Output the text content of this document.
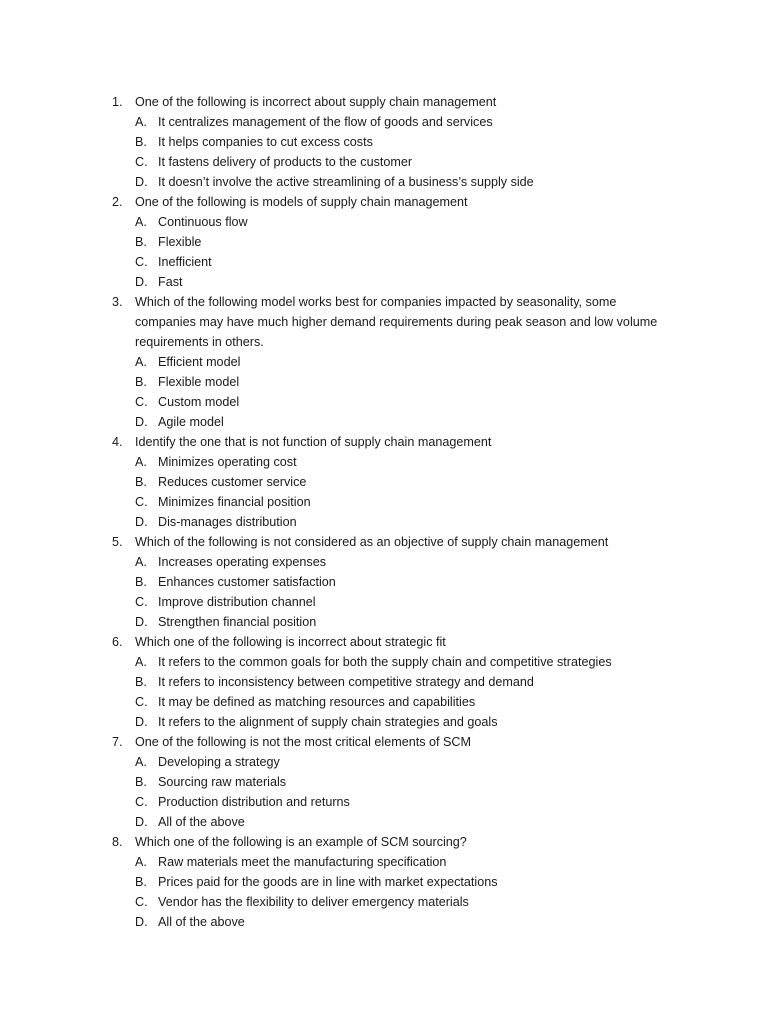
1. One of the following is incorrect about supply chain management
A. It centralizes management of the flow of goods and services
B. It helps companies to cut excess costs
C. It fastens delivery of products to the customer
D. It doesn’t involve the active streamlining of a business’s supply side
2. One of the following is models of supply chain management
A. Continuous flow
B. Flexible
C. Inefficient
D. Fast
3. Which of the following model works best for companies impacted by seasonality, some
companies may have much higher demand requirements during peak season and low volume
requirements in others.
A. Efficient model
B. Flexible model
C. Custom model
D. Agile model
4. Identify the one that is not function of supply chain management
A. Minimizes operating cost
B. Reduces customer service
C. Minimizes financial position
D. Dis-manages distribution
5. Which of the following is not considered as an objective of supply chain management
A. Increases operating expenses
B. Enhances customer satisfaction
C. Improve distribution channel
D. Strengthen financial position
6. Which one of the following is incorrect about strategic fit
A. It refers to the common goals for both the supply chain and competitive strategies
B. It refers to inconsistency between competitive strategy and demand
C. It may be defined as matching resources and capabilities
D. It refers to the alignment of supply chain strategies and goals
7. One of the following is not the most critical elements of SCM
A. Developing a strategy
B. Sourcing raw materials
C. Production distribution and returns
D. All of the above
8. Which one of the following is an example of SCM sourcing?
A. Raw materials meet the manufacturing specification
B. Prices paid for the goods are in line with market expectations
C. Vendor has the flexibility to deliver emergency materials
D. All of the above
